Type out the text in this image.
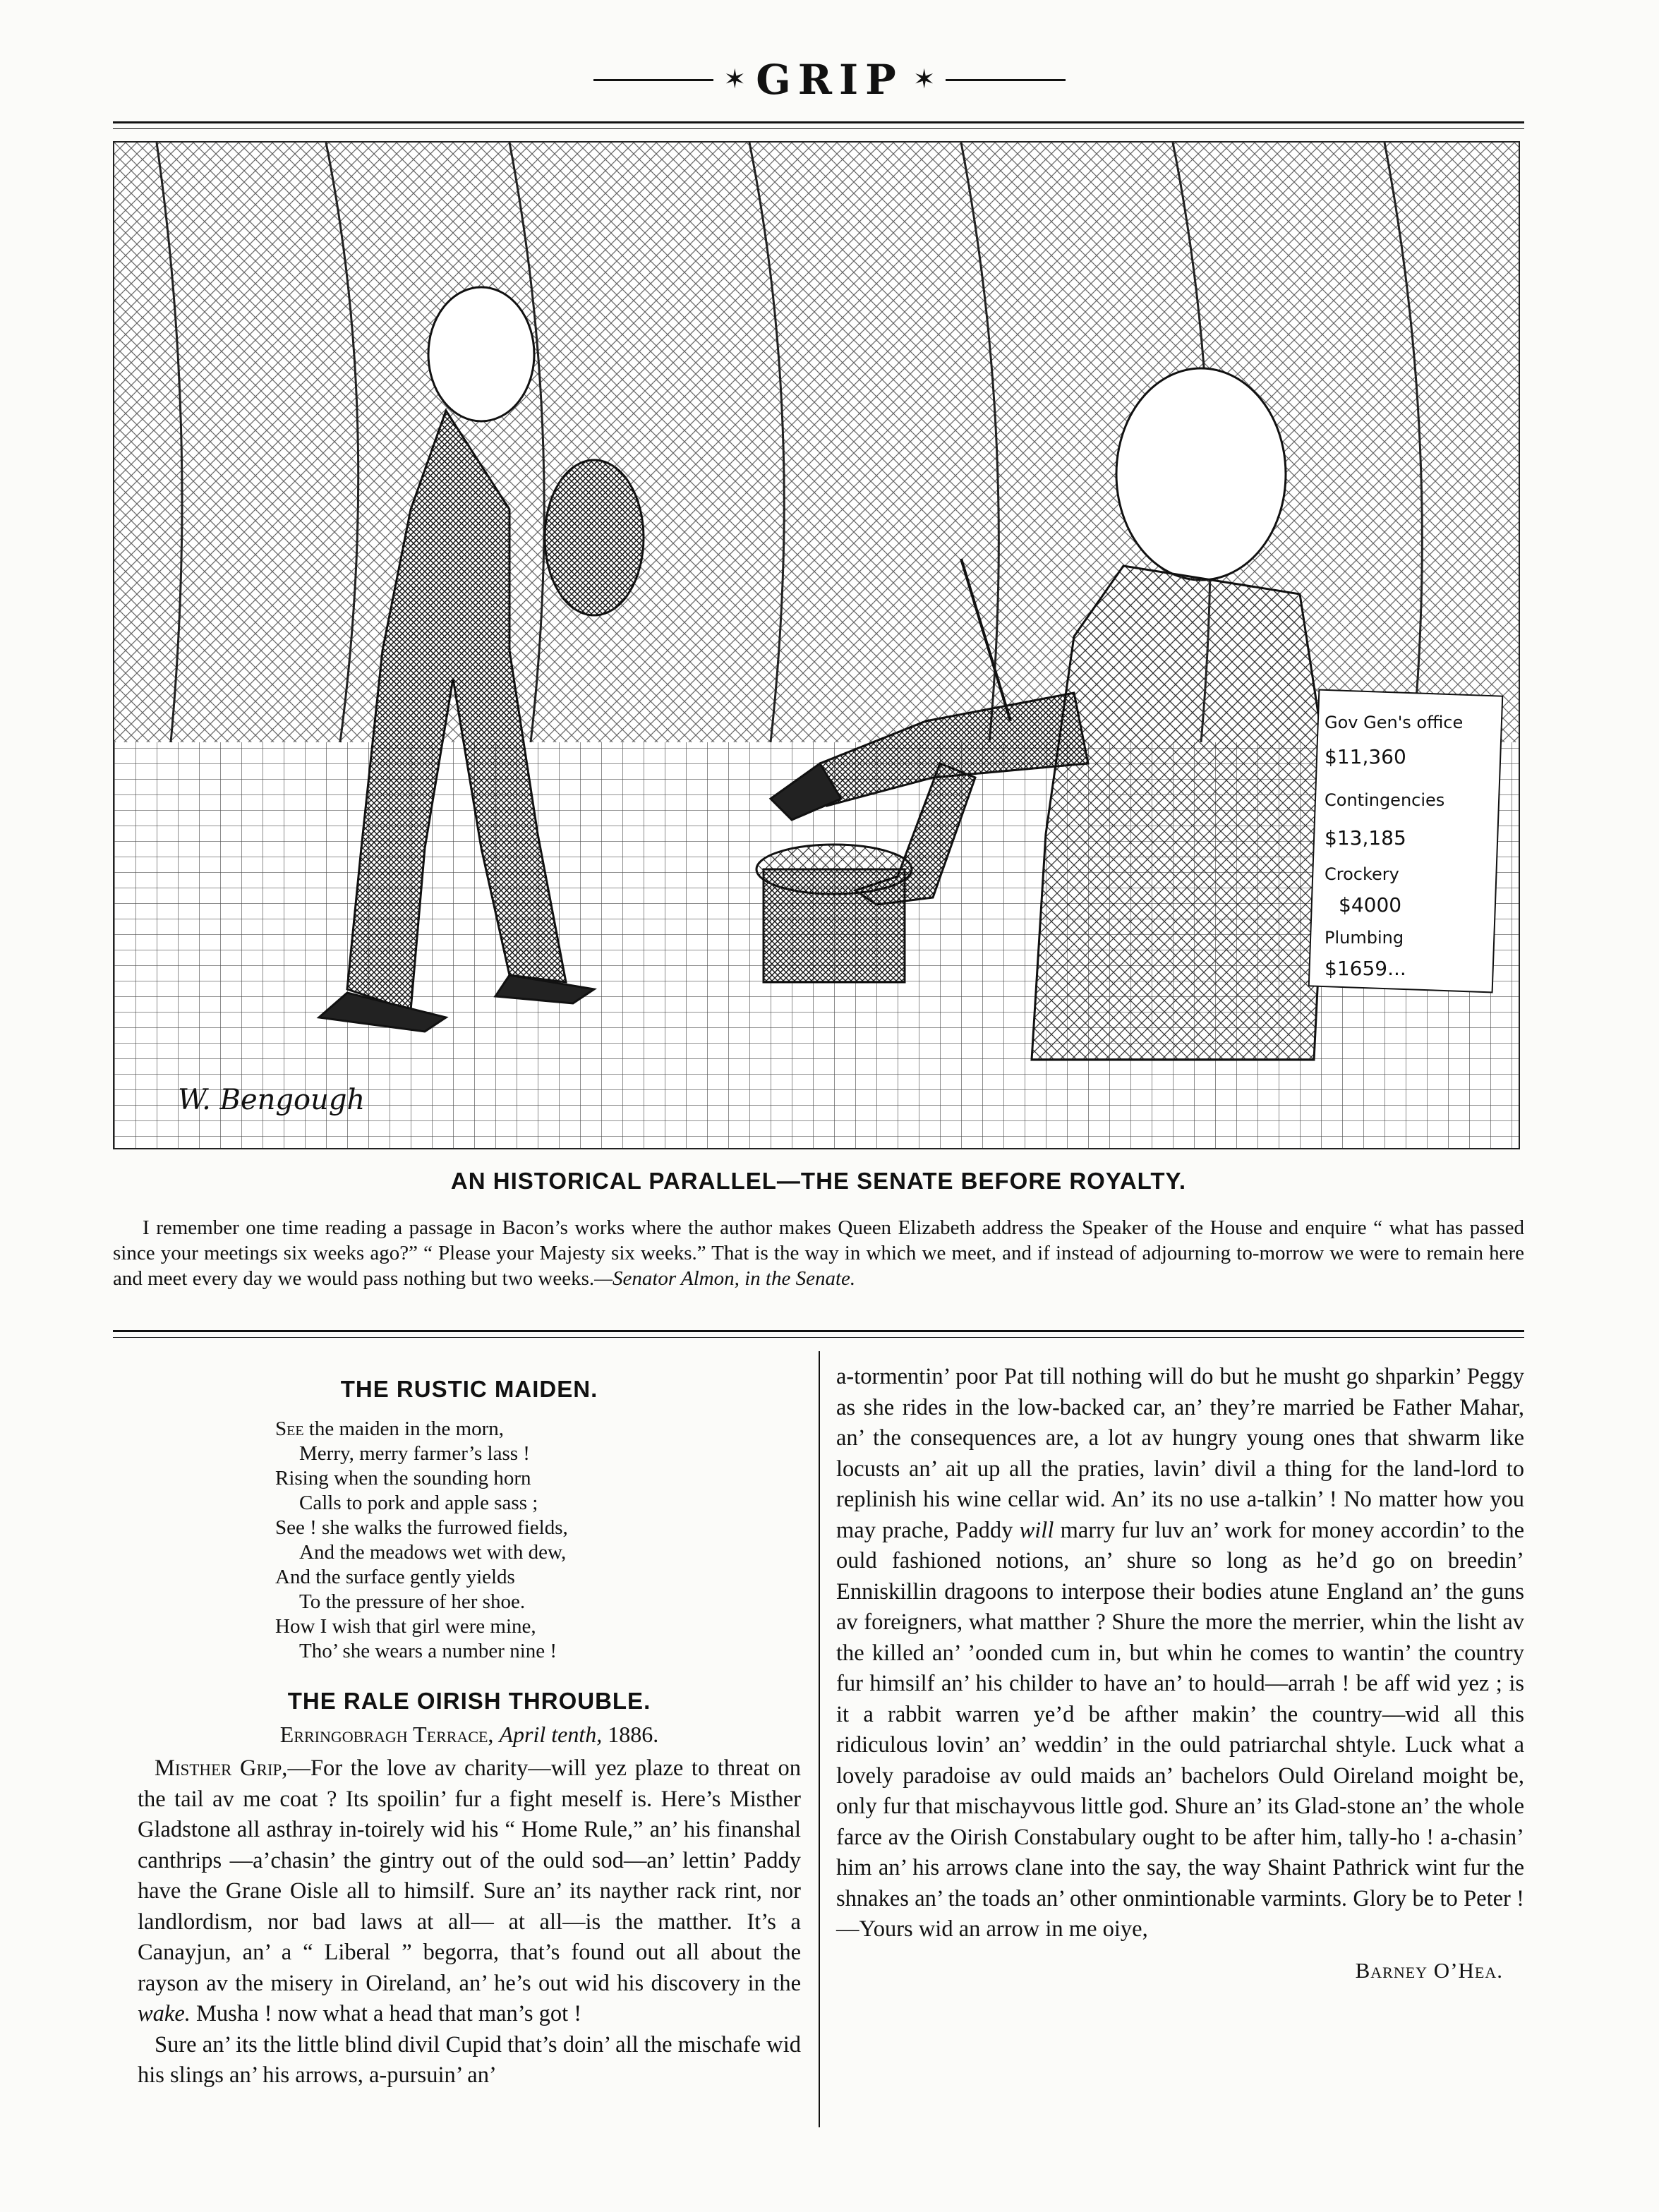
✶ GRIP ✶
Gov Gen's office
$11,360
Contingencies
$13,185
Crockery
$4000
Plumbing
$1659...
W. Bengough
AN HISTORICAL PARALLEL—THE SENATE BEFORE ROYALTY.
I remember one time reading a passage in Bacon’s works where the author makes Queen Elizabeth address the Speaker of the House and enquire “ what has passed since your meetings six weeks ago?” “ Please your Majesty six weeks.” That is the way in which we meet, and if instead of adjourning to-morrow we were to remain here and meet every day we would pass nothing but two weeks.—Senator Almon, in the Senate.
THE RUSTIC MAIDEN.
See the maiden in the morn,
Merry, merry farmer’s lass !
Rising when the sounding horn
Calls to pork and apple sass ;
See ! she walks the furrowed fields,
And the meadows wet with dew,
And the surface gently yields
To the pressure of her shoe.
How I wish that girl were mine,
Tho’ she wears a number nine !
THE RALE OIRISH THROUBLE.
Erringobragh Terrace, April tenth, 1886.

Misther Grip,—For the love av charity—will yez plaze to threat on the tail av me coat ? Its spoilin’ fur a fight meself is. Here’s Misther Gladstone all asthray in-toirely wid his “ Home Rule,” an’ his finanshal canthrips —a’chasin’ the gintry out of the ould sod—an’ lettin’ Paddy have the Grane Oisle all to himsilf. Sure an’ its nayther rack rint, nor landlordism, nor bad laws at all— at all—is the matther. It’s a Canayjun, an’ a “ Liberal ” begorra, that’s found out all about the rayson av the misery in Oireland, an’ he’s out wid his discovery in the wake. Musha ! now what a head that man’s got !

Sure an’ its the little blind divil Cupid that’s doin’ all the mischafe wid his slings an’ his arrows, a-pursuin’ an’

a-tormentin’ poor Pat till nothing will do but he musht go shparkin’ Peggy as she rides in the low-backed car, an’ they’re married be Father Mahar, an’ the consequences are, a lot av hungry young ones that shwarm like locusts an’ ait up all the praties, lavin’ divil a thing for the land-lord to replinish his wine cellar wid. An’ its no use a-talkin’ ! No matter how you may prache, Paddy will marry fur luv an’ work for money accordin’ to the ould fashioned notions, an’ shure so long as he’d go on breedin’ Enniskillin dragoons to interpose their bodies atune England an’ the guns av foreigners, what matther ? Shure the more the merrier, whin the lisht av the killed an’ ’oonded cum in, but whin he comes to wantin’ the country fur himsilf an’ his childer to have an’ to hould—arrah ! be aff wid yez ; is it a rabbit warren ye’d be afther makin’ the country—wid all this ridiculous lovin’ an’ weddin’ in the ould patriarchal shtyle. Luck what a lovely paradoise av ould maids an’ bachelors Ould Oireland moight be, only fur that mischayvous little god. Shure an’ its Glad-stone an’ the whole farce av the Oirish Constabulary ought to be after him, tally-ho ! a-chasin’ him an’ his arrows clane into the say, the way Shaint Pathrick wint fur the shnakes an’ the toads an’ other onmintionable varmints. Glory be to Peter !—Yours wid an arrow in me oiye,

Barney O’Hea.
